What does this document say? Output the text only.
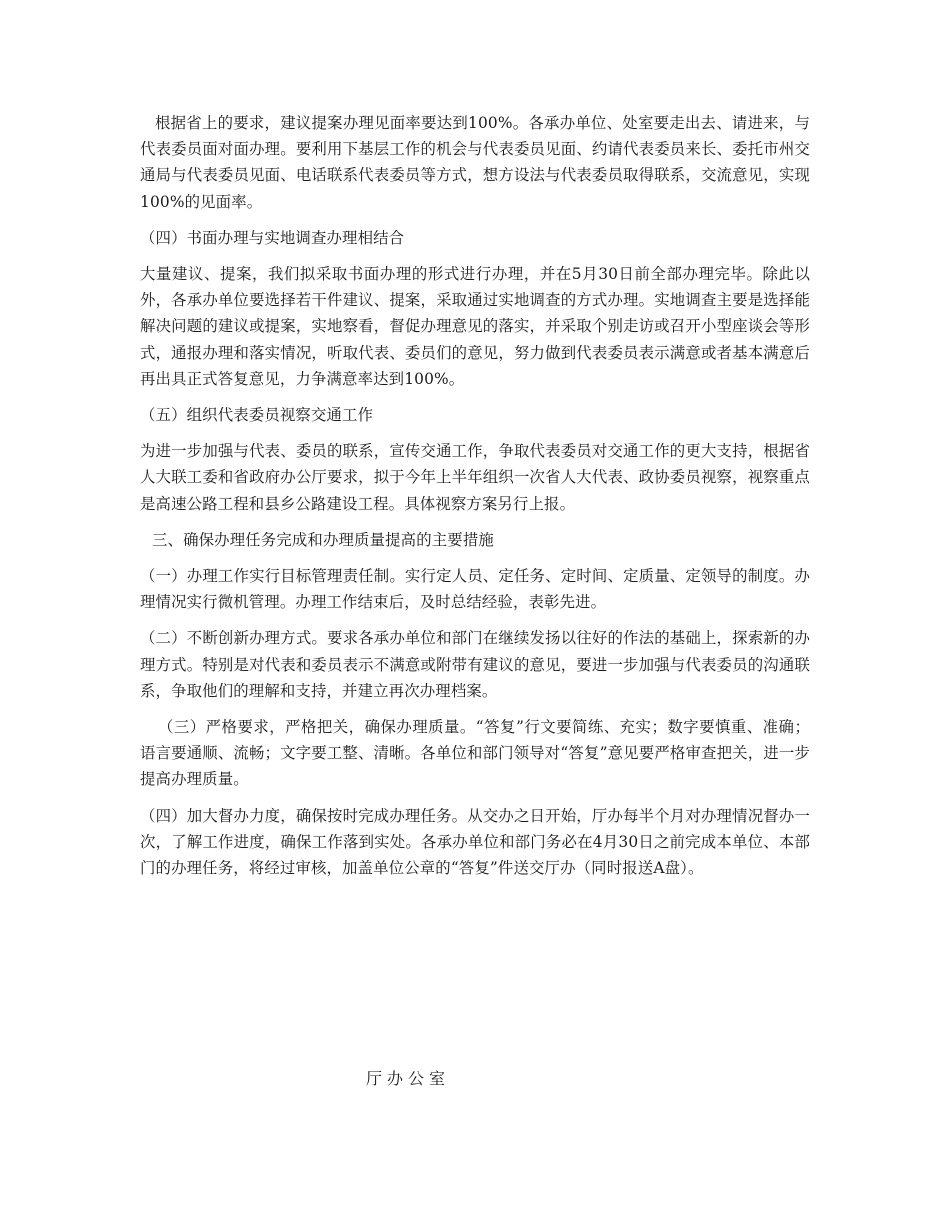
根据省上的要求，建议提案办理见面率要达到100%。各承办单位、处室要走出去、请进来，与代表委员面对面办理。要利用下基层工作的机会与代表委员见面、约请代表委员来长、委托市州交通局与代表委员见面、电话联系代表委员等方式，想方设法与代表委员取得联系，交流意见，实现100%的见面率。

（四）书面办理与实地调查办理相结合

大量建议、提案，我们拟采取书面办理的形式进行办理，并在5月30日前全部办理完毕。除此以外，各承办单位要选择若干件建议、提案，采取通过实地调查的方式办理。实地调查主要是选择能解决问题的建议或提案，实地察看，督促办理意见的落实，并采取个别走访或召开小型座谈会等形式，通报办理和落实情况，听取代表、委员们的意见，努力做到代表委员表示满意或者基本满意后再出具正式答复意见，力争满意率达到100%。

（五）组织代表委员视察交通工作

为进一步加强与代表、委员的联系，宣传交通工作，争取代表委员对交通工作的更大支持，根据省人大联工委和省政府办公厅要求，拟于今年上半年组织一次省人大代表、政协委员视察，视察重点是高速公路工程和县乡公路建设工程。具体视察方案另行上报。

三、确保办理任务完成和办理质量提高的主要措施

（一）办理工作实行目标管理责任制。实行定人员、定任务、定时间、定质量、定领导的制度。办理情况实行微机管理。办理工作结束后，及时总结经验，表彰先进。

（二）不断创新办理方式。要求各承办单位和部门在继续发扬以往好的作法的基础上，探索新的办理方式。特别是对代表和委员表示不满意或附带有建议的意见，要进一步加强与代表委员的沟通联系，争取他们的理解和支持，并建立再次办理档案。

（三）严格要求，严格把关，确保办理质量。“答复”行文要简练、充实；数字要慎重、准确；语言要通顺、流畅；文字要工整、清晰。各单位和部门领导对“答复”意见要严格审查把关，进一步提高办理质量。

（四）加大督办力度，确保按时完成办理任务。从交办之日开始，厅办每半个月对办理情况督办一次，了解工作进度，确保工作落到实处。各承办单位和部门务必在4月30日之前完成本单位、本部门的办理任务，将经过审核，加盖单位公章的“答复”件送交厅办（同时报送A盘）。

厅办公室
